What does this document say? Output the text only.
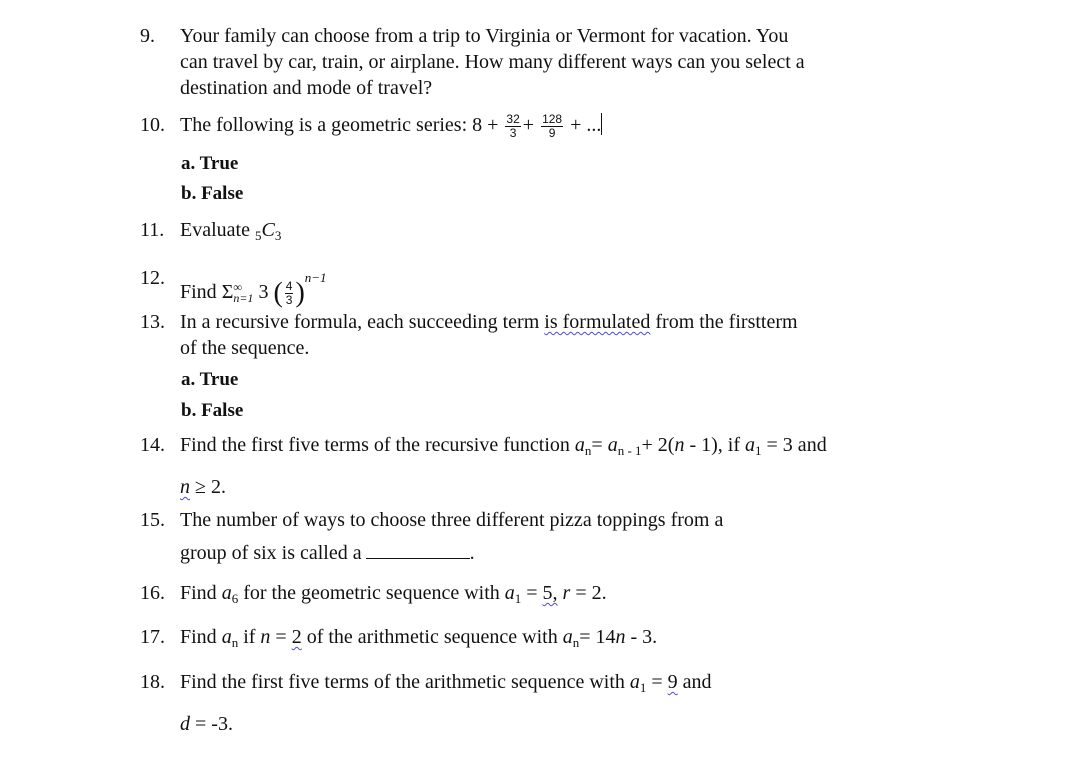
9. Your family can choose from a trip to Virginia or Vermont for vacation. You
can travel by car, train, or airplane. How many different ways can you select a
destination and mode of travel?
10. The following is a geometric series: $8 + \frac{32}{3} + \frac{128}{9}$ + ...
a. True
b. False
11. Evaluate $_5C_3$
12.
Find Σ ∞
n=1 3 ( $\frac{4}{3} )^{n-1}$
13. In a recursive formula, each succeeding term is formulated from the firstterm
of the sequence.
a. True
b. False
14. Find the first five terms of the recursive function $a_n= a_{n - 1}+ 2(n - 1)$, if $a_1 = 3$ and
n ≥ 2.
15. The number of ways to choose three different pizza toppings from a
group of six is called a	.
16. Find $a_6$ for the geometric sequence with $a_1 = 5$, r = 2.
17. Find $a_n$ if n = 2 of the arithmetic sequence with $a_n= 14n - 3$.
18. Find the first five terms of the arithmetic sequence with $a_1 = 9$ and
d = -3.
